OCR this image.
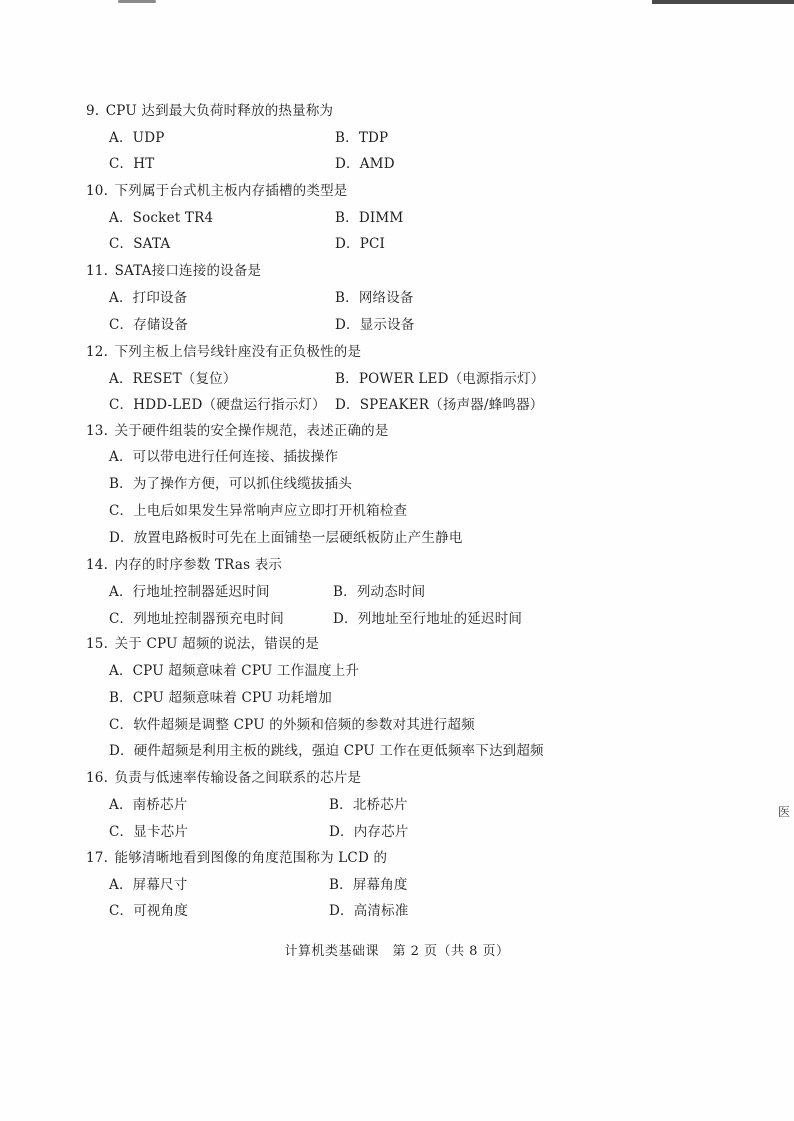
9. CPU 达到最大负荷时释放的热量称为
A．UDP	B．TDP
C．HT	D．AMD
10. 下列属于台式机主板内存插槽的类型是
A．Socket TR4	B．DIMM
C．SATA	D．PCI
11. SATA接口连接的设备是
A．打印设备	B．网络设备
C．存储设备	D．显示设备
12. 下列主板上信号线针座没有正负极性的是
A．RESET（复位）	B．POWER LED（电源指示灯）
C．HDD-LED（硬盘运行指示灯） D．SPEAKER（扬声器/蜂鸣器）
13. 关于硬件组装的安全操作规范，表述正确的是
A．可以带电进行任何连接、插拔操作
B．为了操作方便，可以抓住线缆拔插头
C．上电后如果发生异常响声应立即打开机箱检查
D．放置电路板时可先在上面铺垫一层硬纸板防止产生静电
14. 内存的时序参数 TRas 表示
A．行地址控制器延迟时间	B．列动态时间
C．列地址控制器预充电时间	D．列地址至行地址的延迟时间
15. 关于 CPU 超频的说法，错误的是
A．CPU 超频意味着 CPU 工作温度上升
B．CPU 超频意味着 CPU 功耗增加
C．软件超频是调整 CPU 的外频和倍频的参数对其进行超频
D．硬件超频是利用主板的跳线，强迫 CPU 工作在更低频率下达到超频
16. 负责与低速率传输设备之间联系的芯片是
A．南桥芯片	B．北桥芯片
C．显卡芯片	D．内存芯片
17. 能够清晰地看到图像的角度范围称为 LCD 的
A．屏幕尺寸	B．屏幕角度
C．可视角度	D．高清标准
计算机类基础课　第 2 页（共 8 页）
医
